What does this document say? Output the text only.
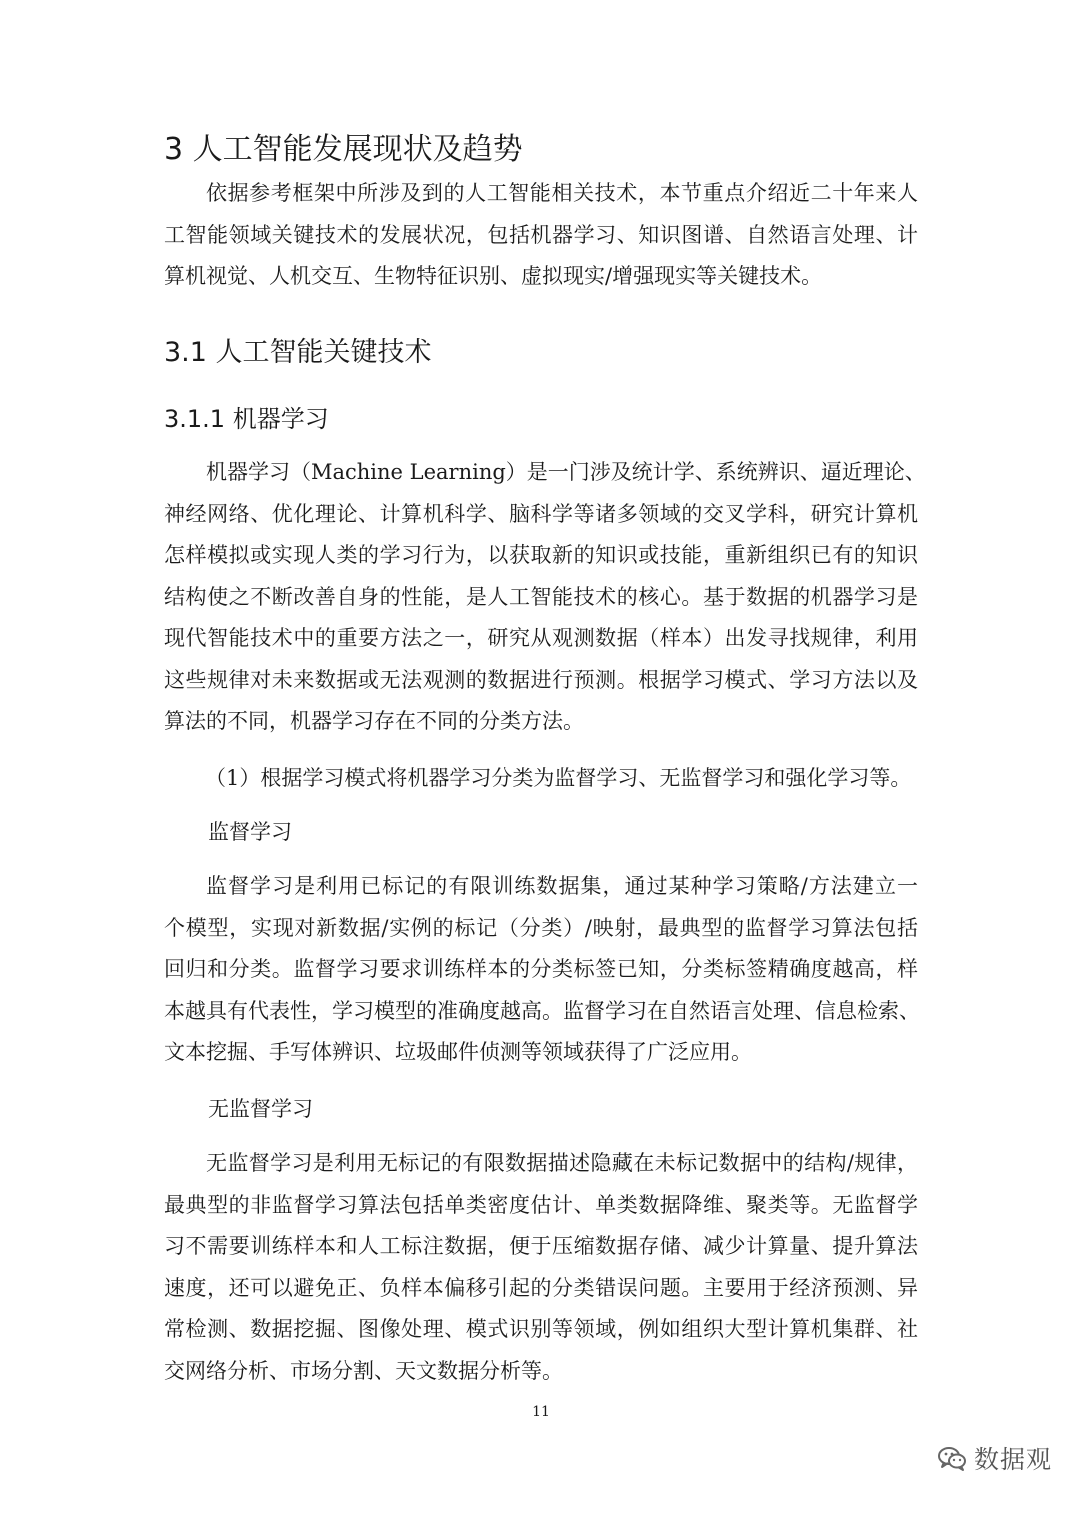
3 人工智能发展现状及趋势
依据参考框架中所涉及到的人工智能相关技术，本节重点介绍近二十年来人
工智能领域关键技术的发展状况，包括机器学习、知识图谱、自然语言处理、计
算机视觉、人机交互、生物特征识别、虚拟现实/增强现实等关键技术。
3.1 人工智能关键技术
3.1.1 机器学习
机器学习（Machine Learning）是一门涉及统计学、系统辨识、逼近理论、
神经网络、优化理论、计算机科学、脑科学等诸多领域的交叉学科，研究计算机
怎样模拟或实现人类的学习行为，以获取新的知识或技能，重新组织已有的知识
结构使之不断改善自身的性能，是人工智能技术的核心。基于数据的机器学习是
现代智能技术中的重要方法之一，研究从观测数据（样本）出发寻找规律，利用
这些规律对未来数据或无法观测的数据进行预测。根据学习模式、学习方法以及
算法的不同，机器学习存在不同的分类方法。
（1）根据学习模式将机器学习分类为监督学习、无监督学习和强化学习等。
监督学习
监督学习是利用已标记的有限训练数据集，通过某种学习策略/方法建立一
个模型，实现对新数据/实例的标记（分类）/映射，最典型的监督学习算法包括
回归和分类。监督学习要求训练样本的分类标签已知，分类标签精确度越高，样
本越具有代表性，学习模型的准确度越高。监督学习在自然语言处理、信息检索、
文本挖掘、手写体辨识、垃圾邮件侦测等领域获得了广泛应用。
无监督学习
无监督学习是利用无标记的有限数据描述隐藏在未标记数据中的结构/规律，
最典型的非监督学习算法包括单类密度估计、单类数据降维、聚类等。无监督学
习不需要训练样本和人工标注数据，便于压缩数据存储、减少计算量、提升算法
速度，还可以避免正、负样本偏移引起的分类错误问题。主要用于经济预测、异
常检测、数据挖掘、图像处理、模式识别等领域，例如组织大型计算机集群、社
交网络分析、市场分割、天文数据分析等。
11
数据观
